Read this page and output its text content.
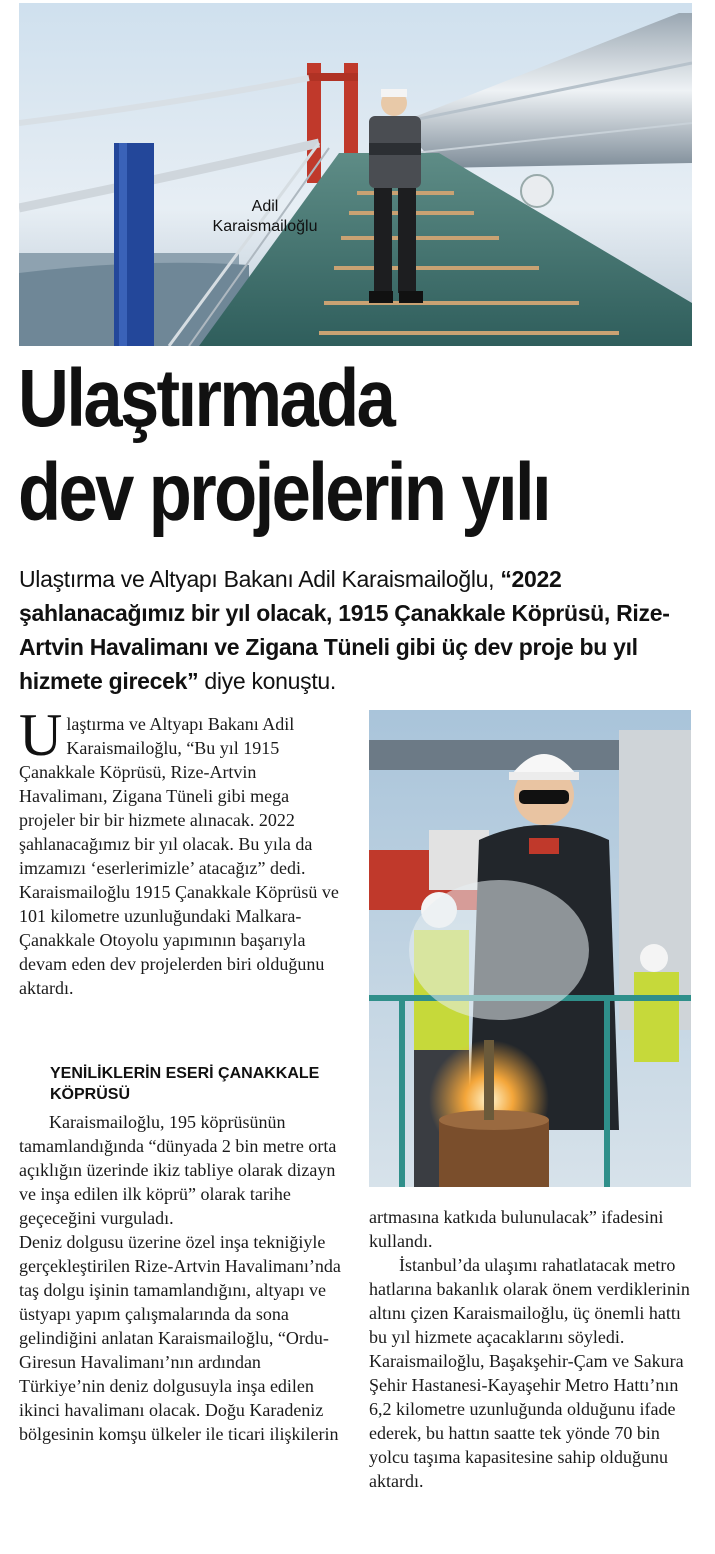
Adil Karaismailoğlu
Ulaştırmada
dev projelerin yılı
Ulaştırma ve Altyapı Bakanı Adil Karaismailoğlu, “2022 şahlanacağımız bir yıl olacak, 1915 Çanakkale Köprüsü, Rize-Artvin Havalimanı ve Zigana Tüneli gibi üç dev proje bu yıl hizmete girecek” diye konuştu.

Ulaştırma ve Altyapı Bakanı Adil Karaismailoğlu, “Bu yıl 1915 Çanakkale Köprüsü, Rize-Artvin Havalimanı, Zigana Tüneli gibi mega projeler bir bir hizmete alınacak. 2022 şahlanacağımız bir yıl olacak. Bu yıla da imzamızı ‘eserlerimizle’ atacağız” dedi. Karaismailoğlu 1915 Çanakkale Köprüsü ve 101 kilometre uzunluğundaki Malkara-Çanakkale Otoyolu yapımının başarıyla devam eden dev projelerden biri olduğunu aktardı.

YENİLİKLERİN ESERİ ÇANAKKALE KÖPRÜSÜ

Karaismailoğlu, 195 köprüsünün tamamlandığında “dünyada 2 bin metre orta açıklığın üzerinde ikiz tabliye olarak dizayn ve inşa edilen ilk köprü” olarak tarihe geçeceğini vurguladı.

Deniz dolgusu üzerine özel inşa tekniğiyle gerçekleştirilen Rize-Artvin Havalimanı’nda taş dolgu işinin tamamlandığını, altyapı ve üstyapı yapım çalışmalarında da sona gelindiğini anlatan Karaismailoğlu, “Ordu-Giresun Havalimanı’nın ardından Türkiye’nin deniz dolgusuyla inşa edilen ikinci havalimanı olacak. Doğu Karadeniz bölgesinin komşu ülkeler ile ticari ilişkilerin

artmasına katkıda bulunulacak” ifadesini kullandı.

İstanbul’da ulaşımı rahatlatacak metro hatlarına bakanlık olarak önem verdiklerinin altını çizen Karaismailoğlu, üç önemli hattı bu yıl hizmete açacaklarını söyledi. Karaismailoğlu, Başakşehir-Çam ve Sakura Şehir Hastanesi-Kayaşehir Metro Hattı’nın 6,2 kilometre uzunluğunda olduğunu ifade ederek, bu hattın saatte tek yönde 70 bin yolcu taşıma kapasitesine sahip olduğunu aktardı.
